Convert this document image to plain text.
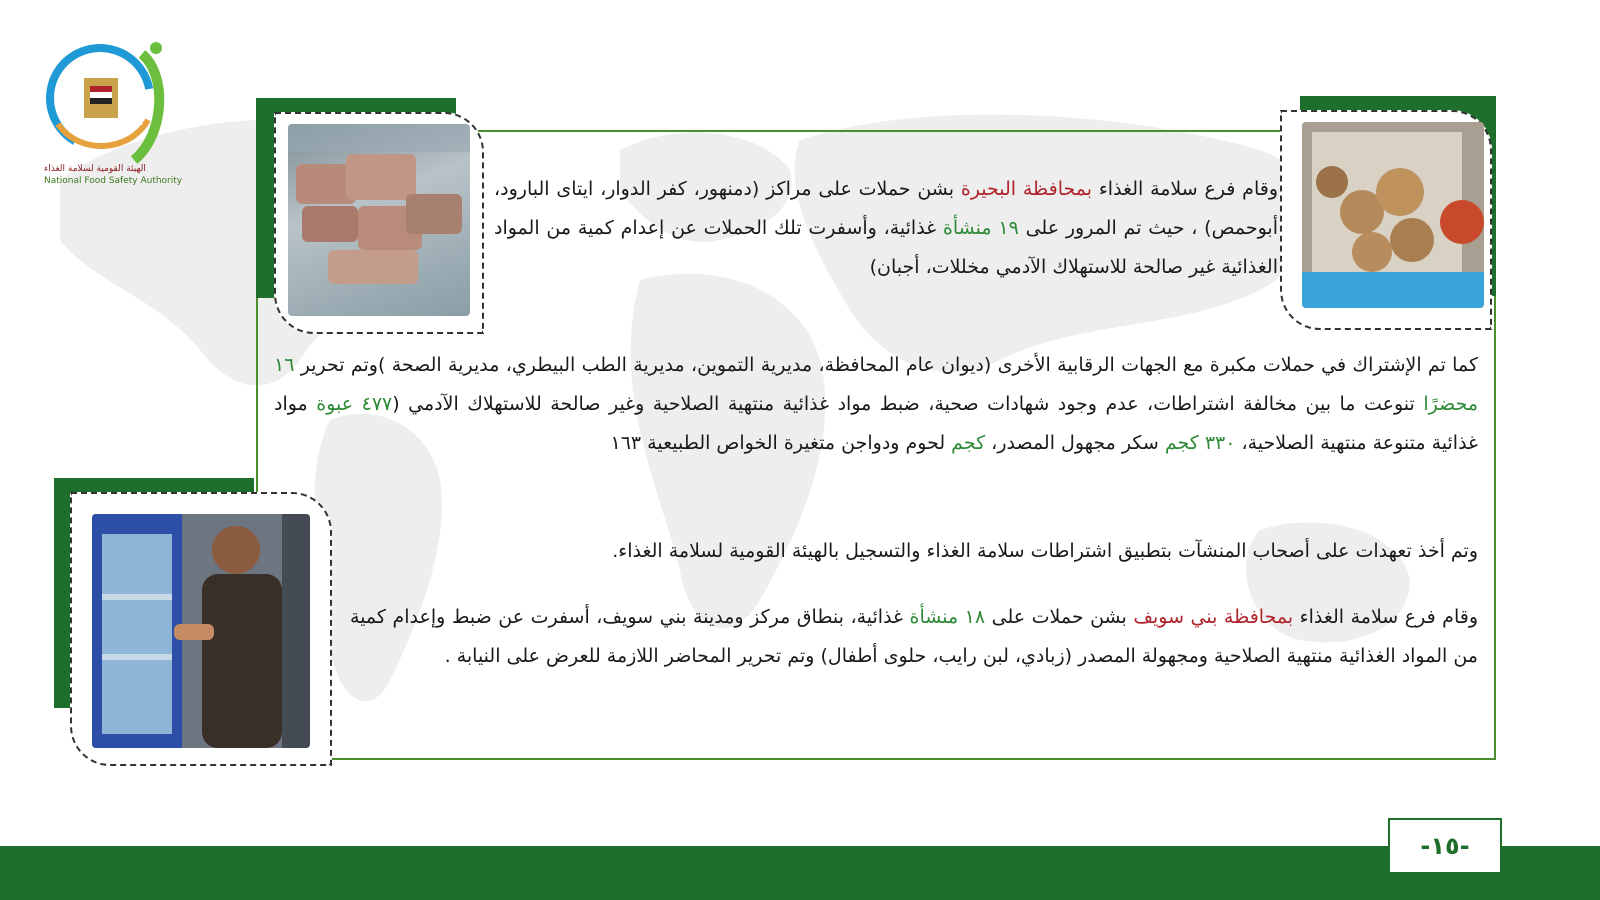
NFSA
الهيئة القومية لسلامة الغذاء
National Food Safety Authority	وقام فرع سلامة الغذاء بمحافظة البحيرة بشن حملات على مراكز (دمنهور، كفر الدوار، ايتاى البارود، أبوحمص) ، حيث تم المرور على ١٩ منشأة غذائية، وأسفرت تلك الحملات عن إعدام كمية من المواد الغذائية غير صالحة للاستهلاك الآدمي مخللات، أجبان)

كما تم الإشتراك في حملات مكبرة مع الجهات الرقابية الأخرى (ديوان عام المحافظة، مديرية التموين، مديرية الطب البيطري، مديرية الصحة )وتم تحرير ١٦ محضرًا تنوعت ما بين مخالفة اشتراطات، عدم وجود شهادات صحية، ضبط مواد غذائية منتهية الصلاحية وغير صالحة للاستهلاك الآدمي (٤٧٧ عبوة مواد غذائية متنوعة منتهية الصلاحية، ٣٣٠ كجم سكر مجهول المصدر، كجم لحوم ودواجن متغيرة الخواص الطبيعية ١٦٣

وتم أخذ تعهدات على أصحاب المنشآت بتطبيق اشتراطات سلامة الغذاء والتسجيل بالهيئة القومية لسلامة الغذاء.

وقام فرع سلامة الغذاء بمحافظة بني سويف بشن حملات على ١٨ منشأة غذائية، بنطاق مركز ومدينة بني سويف، أسفرت عن ضبط وإعدام كمية من المواد الغذائية منتهية الصلاحية ومجهولة المصدر (زبادي، لبن رايب، حلوى أطفال) وتم تحرير المحاضر اللازمة للعرض على النيابة .

-١٥-
